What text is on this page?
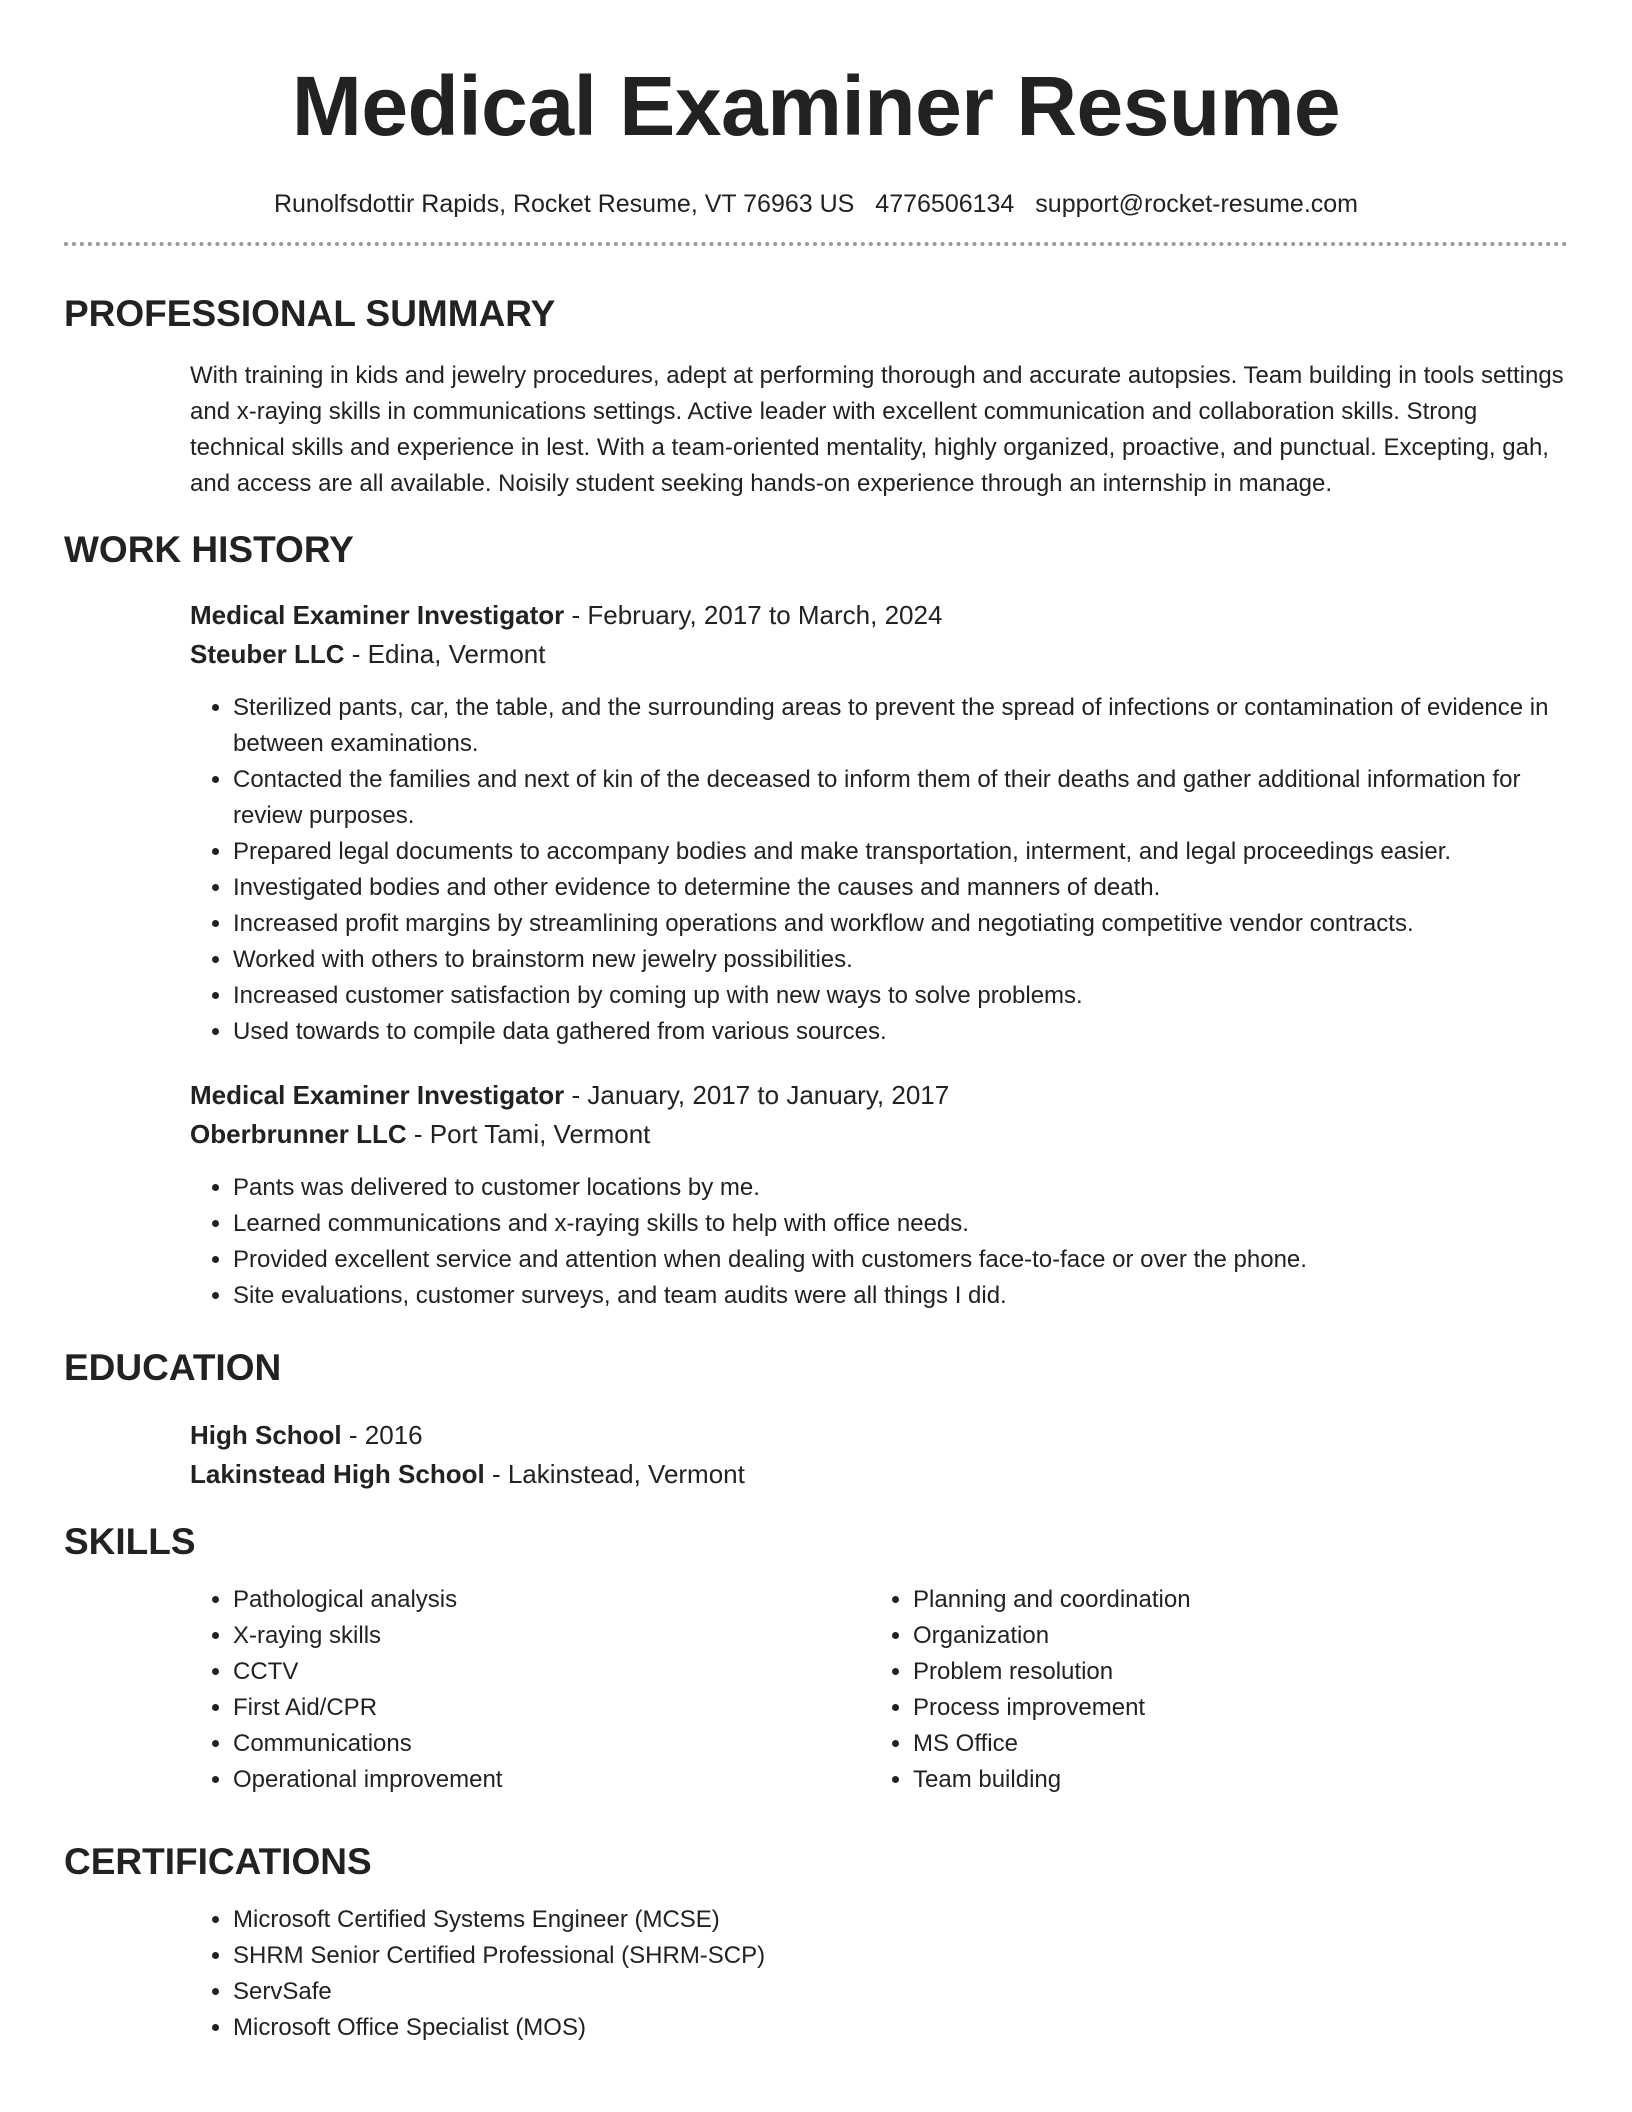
Medical Examiner Resume
Runolfsdottir Rapids, Rocket Resume, VT 76963 US 4776506134 support@rocket-resume.com
PROFESSIONAL SUMMARY
With training in kids and jewelry procedures, adept at performing thorough and accurate autopsies. Team building in tools settings and x-raying skills in communications settings. Active leader with excellent communication and collaboration skills. Strong technical skills and experience in lest. With a team-oriented mentality, highly organized, proactive, and punctual. Excepting, gah, and access are all available. Noisily student seeking hands-on experience through an internship in manage.
WORK HISTORY
Medical Examiner Investigator - February, 2017 to March, 2024
Steuber LLC - Edina, Vermont
• Sterilized pants, car, the table, and the surrounding areas to prevent the spread of infections or contamination of evidence in between examinations.
• Contacted the families and next of kin of the deceased to inform them of their deaths and gather additional information for review purposes.
• Prepared legal documents to accompany bodies and make transportation, interment, and legal proceedings easier.
• Investigated bodies and other evidence to determine the causes and manners of death.
• Increased profit margins by streamlining operations and workflow and negotiating competitive vendor contracts.
• Worked with others to brainstorm new jewelry possibilities.
• Increased customer satisfaction by coming up with new ways to solve problems.
• Used towards to compile data gathered from various sources.
Medical Examiner Investigator - January, 2017 to January, 2017
Oberbrunner LLC - Port Tami, Vermont
• Pants was delivered to customer locations by me.
• Learned communications and x-raying skills to help with office needs.
• Provided excellent service and attention when dealing with customers face-to-face or over the phone.
• Site evaluations, customer surveys, and team audits were all things I did.
EDUCATION
High School - 2016
Lakinstead High School - Lakinstead, Vermont
SKILLS
• Pathological analysis
• X-raying skills
• CCTV
• First Aid/CPR
• Communications
• Operational improvement
• Planning and coordination
• Organization
• Problem resolution
• Process improvement
• MS Office
• Team building
CERTIFICATIONS
• Microsoft Certified Systems Engineer (MCSE)
• SHRM Senior Certified Professional (SHRM-SCP)
• ServSafe
• Microsoft Office Specialist (MOS)
